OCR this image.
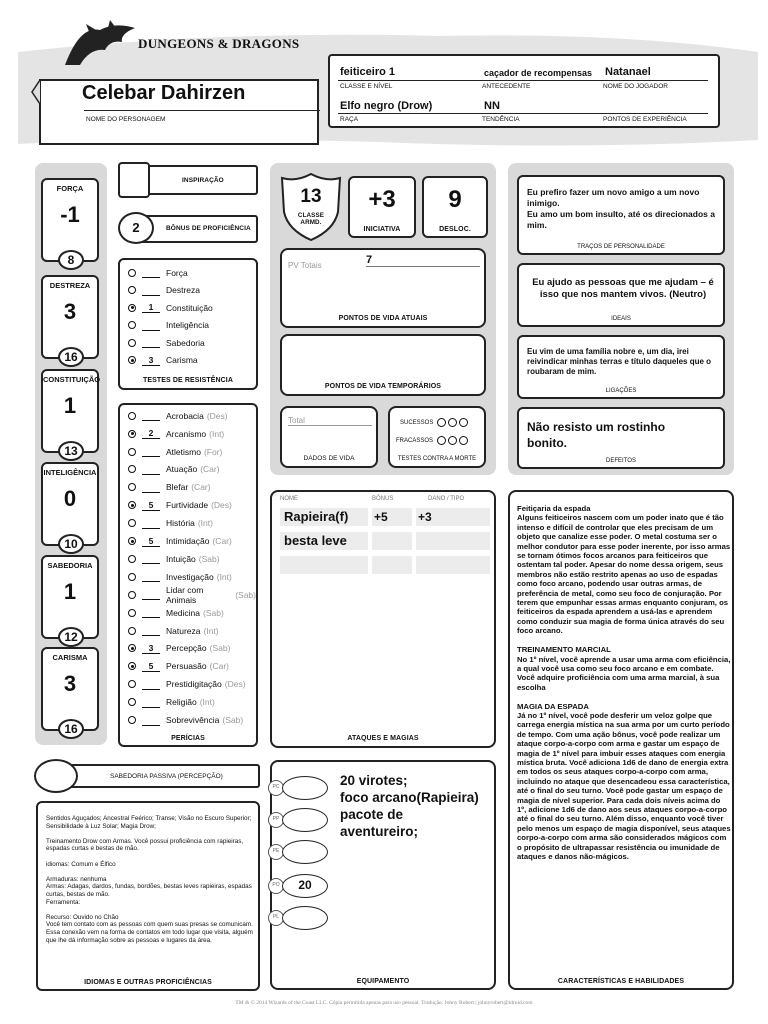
DUNGEONS & DRAGONS
Celebar Dahirzen
NOME DO PERSONAGEM
feiticeiro 1	caçador de recompensas Natanael
CLASSE E NÍVEL	ANTECEDENTE	NOME DO JOGADOR
Elfo negro (Drow)	NN
RAÇA	TENDÊNCIA	PONTOS DE EXPERIÊNCIA
FORÇA
-1
8
DESTREZA
3
16
CONSTITUIÇÃO
1
13
INTELIGÊNCIA
0
10
SABEDORIA
1
12
CARISMA
3
16
INSPIRAÇÃO
2	BÔNUS DE PROFICIÊNCIA
Força
Destreza
1	Constituição
Inteligência
Sabedoria
3	Carisma
TESTES DE RESISTÊNCIA
Acrobacia (Des)
2	Arcanismo (Int)
Atletismo (For)
Atuação (Car)
Blefar (Car)
5	Furtividade (Des)
História (Int)
5	Intimidação (Car)
Intuição (Sab)
Investigação (Int)
Lidar com Animais	(Sab)
Medicina (Sab)
Natureza (Int)
3	Percepção (Sab)
5	Persuasão (Car)
Prestidigitação (Des)
Religião (Int)
Sobrevivência (Sab)
PERÍCIAS
SABEDORIA PASSIVA (PERCEPÇÃO)
Sentidos Aguçados; Ancestral Feérico; Transe; Visão no Escuro Superior; Sensibilidade à Luz Solar; Magia Drow;

Treinamento Drow com Armas. Você possui proficiência com rapieiras, espadas curtas e bestas de mão.

idiomas: Comum e Élfico

Armaduras: nenhuma
Armas: Adagas, dardos, fundas, bordões, bestas leves rapieiras, espadas curtas, bestas de mão.
Ferramenta:

Recurso: Ouvido no Chão
Você tem contato com as pessoas com quem suas presas se comunicam. Essa conexão vem na forma de contatos em todo lugar que visita, alguém que lhe dá informação sobre as pessoas e lugares da área.
IDIOMAS E OUTRAS PROFICIÊNCIAS
13
CLASSE ARMD.
+3
INICIATIVA
9
DESLOC.
PV Totais	7
PONTOS DE VIDA ATUAIS
PONTOS DE VIDA TEMPORÁRIOS
Total
DADOS DE VIDA
SUCESSOS
FRACASSOS
TESTES CONTRA A MORTE
NOME	BÔNUS	DANO / TIPO
Rapieira(f)	+5	+3
besta leve
ATAQUES E MAGIAS
20 virotes;
foco arcano(Rapieira)
pacote de
aventureiro;
EQUIPAMENTO
PC
PP
PE
PO	20
PL
Eu prefiro fazer um novo amigo a um novo inimigo.
Eu amo um bom insulto, até os direcionados a mim.
TRAÇOS DE PERSONALIDADE
Eu ajudo as pessoas que me ajudam – é isso que nos mantem vivos. (Neutro)
IDEAIS
Eu vim de uma família nobre e, um dia, irei reivindicar minhas terras e título daqueles que o roubaram de mim.
LIGAÇÕES
Não resisto um rostinho bonito.
DEFEITOS
Feitiçaria da espada
Alguns feiticeiros nascem com um poder inato que é tão intenso e difícil de controlar que eles precisam de um objeto que canalize esse poder. O metal costuma ser o melhor condutor para esse poder inerente, por isso armas se tornam ótimos focos arcanos para feiticeiros que ostentam tal poder. Apesar do nome dessa origem, seus membros não estão restrito apenas ao uso de espadas como foco arcano, podendo usar outras armas, de preferência de metal, como seu foco de conjuração. Por terem que empunhar essas armas enquanto conjuram, os feiticeiros da espada aprendem a usá-las e aprendem como conduzir sua magia de forma única através do seu foco arcano.

TREINAMENTO MARCIAL
No 1º nível, você aprende a usar uma arma com eficiência, a qual você usa como seu foco arcano e em combate. Você adquire proficiência com uma arma marcial, à sua escolha

MAGIA DA ESPADA
Já no 1º nível, você pode desferir um veloz golpe que carrega energia mística na sua arma por um curto período de tempo. Com uma ação bônus, você pode realizar um ataque corpo-a-corpo com arma e gastar um espaço de magia de 1º nível para imbuir esses ataques com energia mística bruta. Você adiciona 1d6 de dano de energia extra em todos os seus ataques corpo-a-corpo com arma, incluindo no ataque que desencadeou essa característica, até o final do seu turno. Você pode gastar um espaço de magia de nível superior. Para cada dois níveis acima do 1º, adicione 1d6 de dano aos seus ataques corpo-a-corpo até o final do seu turno. Além disso, enquanto você tiver pelo menos um espaço de magia disponível, seus ataques corpo-a-corpo com arma são considerados mágicos com o propósito de ultrapassar resistência ou imunidade de ataques e danos não-mágicos.
CARACTERÍSTICAS E HABILIDADES
TM & © 2014 Wizards of the Coast LLC. Cópia permitida apenas para uso pessoal. Tradução: Johny Robert | johnyrobert@idroid.com
